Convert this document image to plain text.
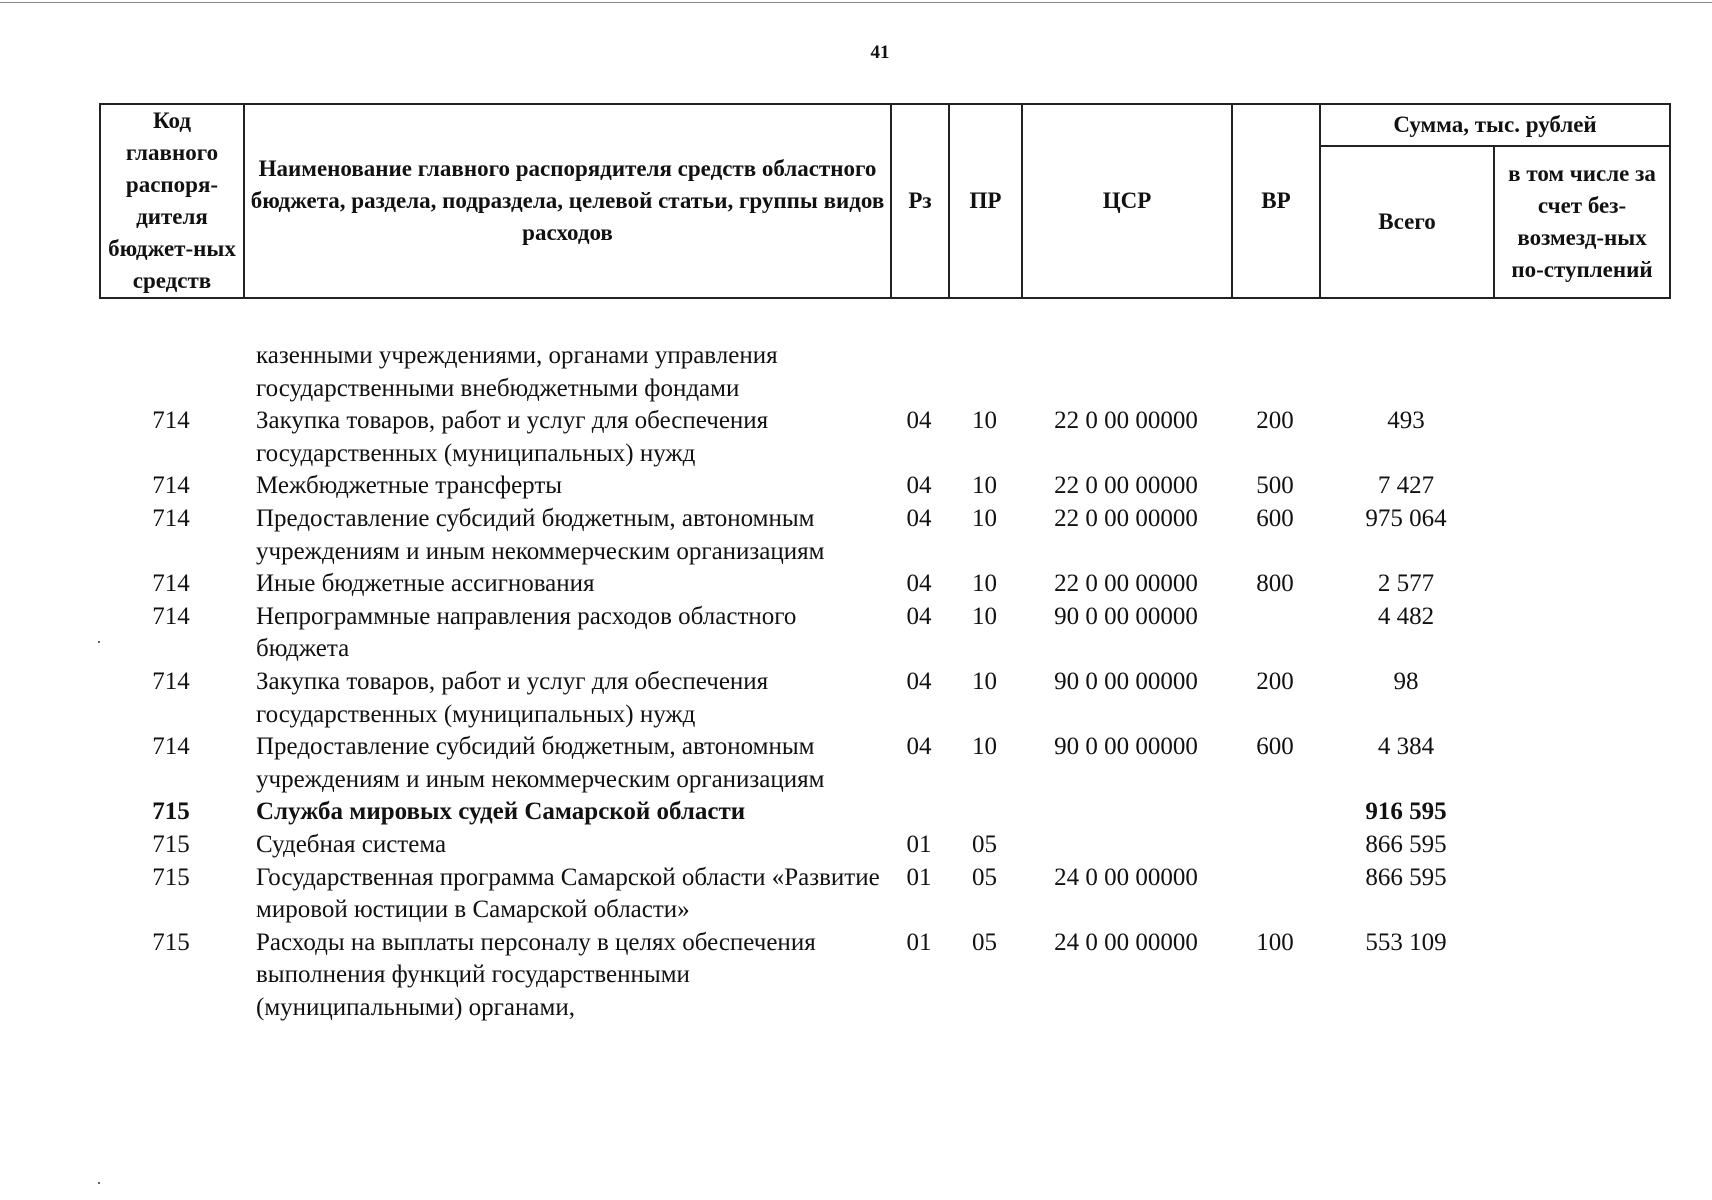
41
Код главного распоря-дителя бюджет-ных средств	Наименование главного распорядителя средств областного бюджета, раздела, подраздела, целевой статьи, группы видов расходов	Рз	ПР	ЦСР	ВР	Сумма, тыс. рублей	
						Всего	в том числе за счет без-возмезд-ных по-ступлений
	казенными учреждениями, органами управления государственными внебюджетными фондами						
714	Закупка товаров, работ и услуг для обеспечения государственных (муниципальных) нужд	04	10	22 0 00 00000	200	493	
714	Межбюджетные трансферты	04	10	22 0 00 00000	500	7 427	
714	Предоставление субсидий бюджетным, автономным учреждениям и иным некоммерческим организациям	04	10	22 0 00 00000	600	975 064	
714	Иные бюджетные ассигнования	04	10	22 0 00 00000	800	2 577	
714	Непрограммные направления расходов областного бюджета	04	10	90 0 00 00000		4 482	
714	Закупка товаров, работ и услуг для обеспечения государственных (муниципальных) нужд	04	10	90 0 00 00000	200	98	
714	Предоставление субсидий бюджетным, автономным учреждениям и иным некоммерческим организациям	04	10	90 0 00 00000	600	4 384	
715	Служба мировых судей Самарской области					916 595	
715	Судебная система	01	05			866 595	
715	Государственная программа Самарской области «Развитие мировой юстиции в Самарской области»	01	05	24 0 00 00000		866 595	
715	Расходы на выплаты персоналу в целях обеспечения выполнения функций государственными (муниципальными) органами,	01	05	24 0 00 00000	100	553 109	
